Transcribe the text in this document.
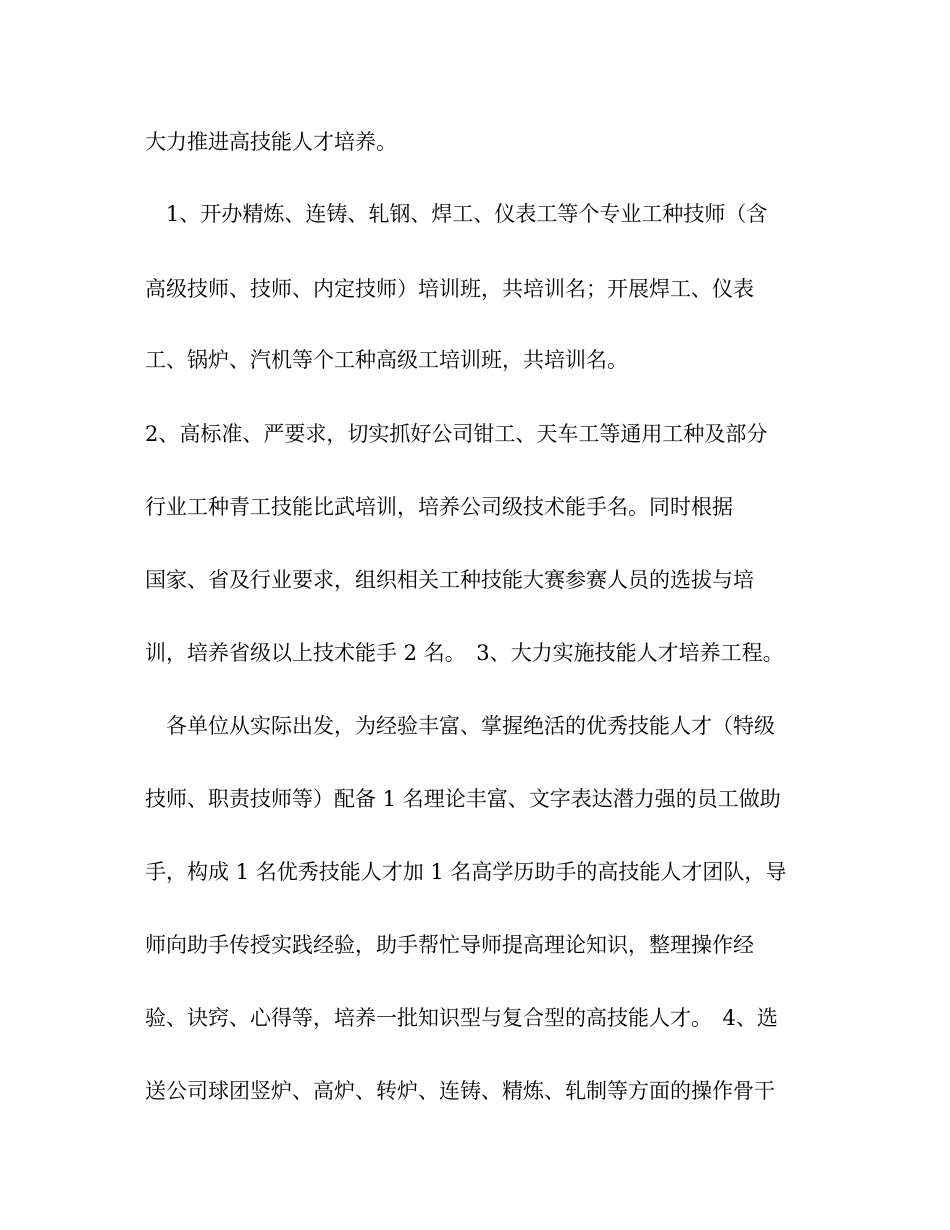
大力推进高技能人才培养。
　1、开办精炼、连铸、轧钢、焊工、仪表工等个专业工种技师（含
高级技师、技师、内定技师）培训班，共培训名；开展焊工、仪表
工、锅炉、汽机等个工种高级工培训班，共培训名。
2、高标准、严要求，切实抓好公司钳工、天车工等通用工种及部分
行业工种青工技能比武培训，培养公司级技术能手名。同时根据
国家、省及行业要求，组织相关工种技能大赛参赛人员的选拔与培
训，培养省级以上技术能手 2 名。　3、大力实施技能人才培养工程。
　各单位从实际出发，为经验丰富、掌握绝活的优秀技能人才（特级
技师、职责技师等）配备 1 名理论丰富、文字表达潜力强的员工做助
手，构成 1 名优秀技能人才加 1 名高学历助手的高技能人才团队，导
师向助手传授实践经验，助手帮忙导师提高理论知识，整理操作经
验、诀窍、心得等，培养一批知识型与复合型的高技能人才。　4、选
送公司球团竖炉、高炉、转炉、连铸、精炼、轧制等方面的操作骨干
